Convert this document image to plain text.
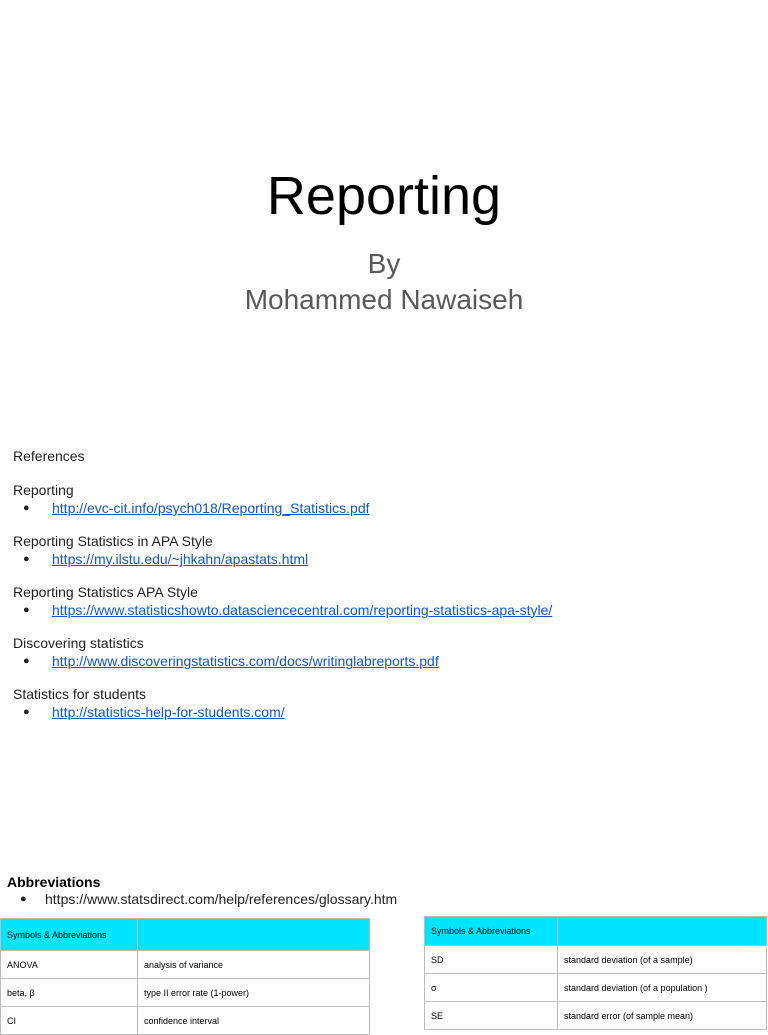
Reporting
By
Mohammed Nawaiseh
References
Reporting
● http://evc-cit.info/psych018/Reporting_Statistics.pdf
Reporting Statistics in APA Style
● https://my.ilstu.edu/~jhkahn/apastats.html
Reporting Statistics APA Style
● https://www.statisticshowto.datasciencecentral.com/reporting-statistics-apa-style/
Discovering statistics
● http://www.discoveringstatistics.com/docs/writinglabreports.pdf
Statistics for students
● http://statistics-help-for-students.com/
Abbreviations
● https://www.statsdirect.com/help/references/glossary.htm
Symbols & Abbreviations	
ANOVA	analysis of variance
beta, β	type II error rate (1-power)
CI	confidence interval
Symbols & Abbreviations	
SD	standard deviation (of a sample)
σ	standard deviation (of a population )
SE	standard error (of sample mean)
